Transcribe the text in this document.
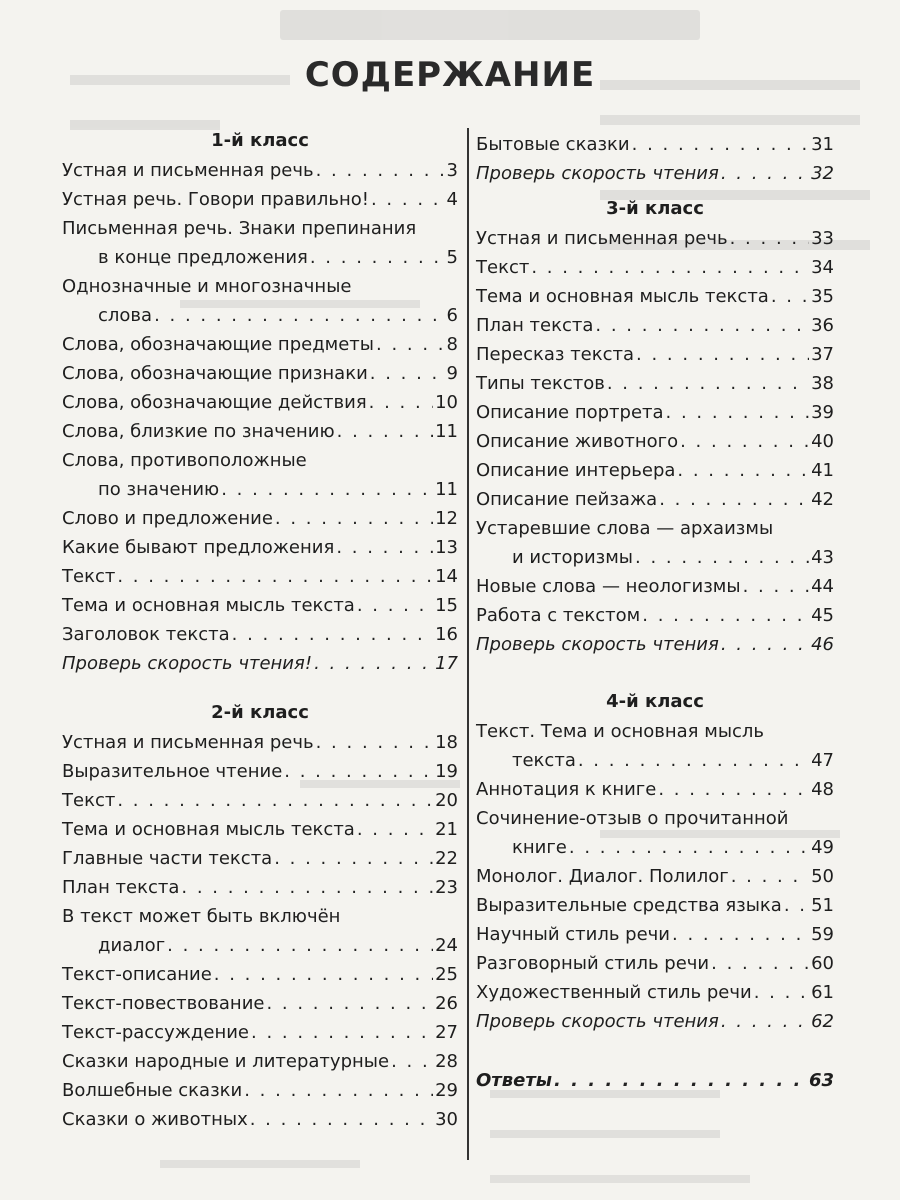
СОДЕРЖАНИЕ
1-й класс
Устная и письменная речь . . .	3
Устная речь. Говори правильно! . . .	4
Письменная речь. Знаки препинания
в конце предложения . . .	5
Однозначные и многозначные
слова . . .	6
Слова, обозначающие предметы . . .	8
Слова, обозначающие признаки . . .	9
Слова, обозначающие действия . . .	10
Слова, близкие по значению . . .	11
Слова, противоположные
по значению . . .	11
Слово и предложение . . .	12
Какие бывают предложения . . .	13
Текст . . .	14
Тема и основная мысль текста . . .	15
Заголовок текста . . .	16
Проверь скорость чтения! . . .	17
2-й класс
Устная и письменная речь . . .	18
Выразительное чтение . . .	19
Текст . . .	20
Тема и основная мысль текста . . .	21
Главные части текста . . .	22
План текста . . .	23
В текст может быть включён
диалог . . .	24
Текст-описание . . .	25
Текст-повествование . . .	26
Текст-рассуждение . . .	27
Сказки народные и литературные . . .	28
Волшебные сказки . . .	29
Сказки о животных . . .	30
Бытовые сказки . . .	31
Проверь скорость чтения . . .	32
3-й класс
Устная и письменная речь . . .	33
Текст . . .	34
Тема и основная мысль текста . . . 35
План текста . . .	36
Пересказ текста . . .	37
Типы текстов . . .	38
Описание портрета . . .	39
Описание животного . . .	40
Описание интерьера . . .	41
Описание пейзажа . . .	42
Устаревшие слова — архаизмы
и историзмы . . .	43
Новые слова — неологизмы . . .	44
Работа с текстом . . .	45
Проверь скорость чтения . . .	46
4-й класс
Текст. Тема и основная мысль
текста . . .	47
Аннотация к книге . . .	48
Сочинение-отзыв о прочитанной
книге . . .	49
Монолог. Диалог. Полилог . . .	50
Выразительные средства языка . . . 51
Научный стиль речи . . .	59
Разговорный стиль речи . . .	60
Художественный стиль речи . . .	61
Проверь скорость чтения . . .	62
Ответы . . .	63
